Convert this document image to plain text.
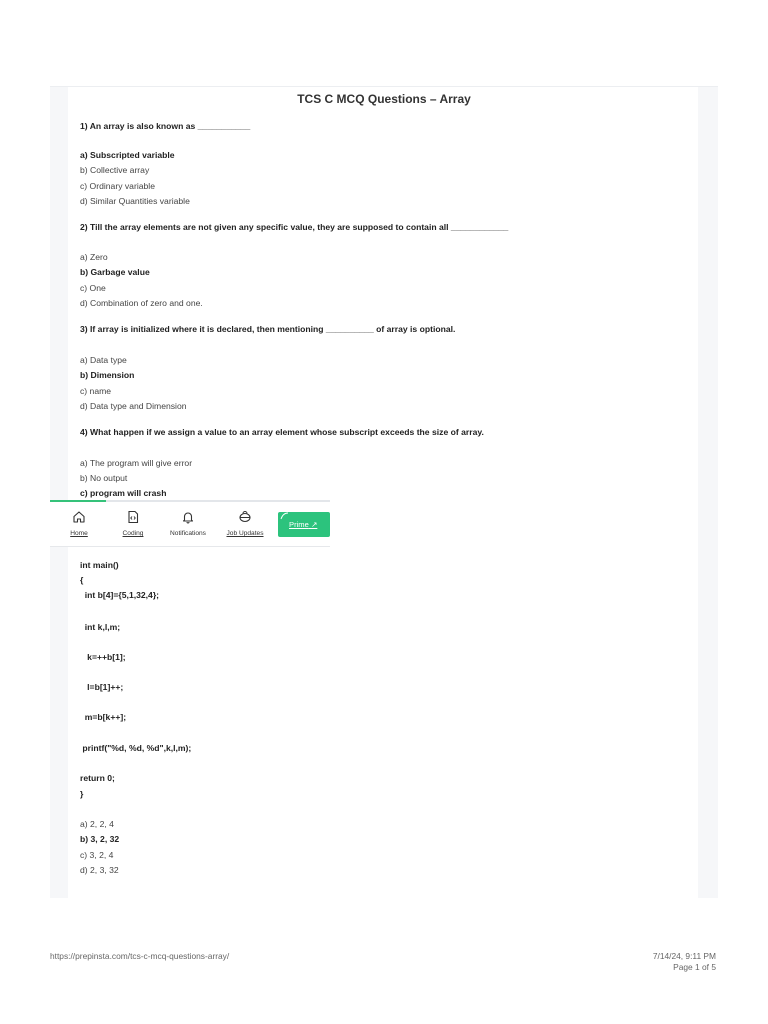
TCS C MCQ Questions – Array
1) An array is also known as ___________
a) Subscripted variable
b) Collective array
c) Ordinary variable
d) Similar Quantities variable
2) Till the array elements are not given any specific value, they are supposed to contain all ____________
a) Zero
b) Garbage value
c) One
d) Combination of zero and one.
3) If array is initialized where it is declared, then mentioning __________ of array is optional.
a) Data type
b) Dimension
c) name
d) Data type and Dimension
4) What happen if we assign a value to an array element whose subscript exceeds the size of array.
a) The program will give error
b) No output
c) program will crash
Home	Coding	Notifications	Job Updates
Prime ↗
int main()
{
int b[4]={5,1,32,4};
int k,l,m;
k=++b[1];
l=b[1]++;
m=b[k++];
printf("%d, %d, %d",k,l,m);
return 0;
}
a) 2, 2, 4
b) 3, 2, 32
c) 3, 2, 4
d) 2, 3, 32
https://prepinsta.com/tcs-c-mcq-questions-array/	7/14/24, 9:11 PM
Page 1 of 5
